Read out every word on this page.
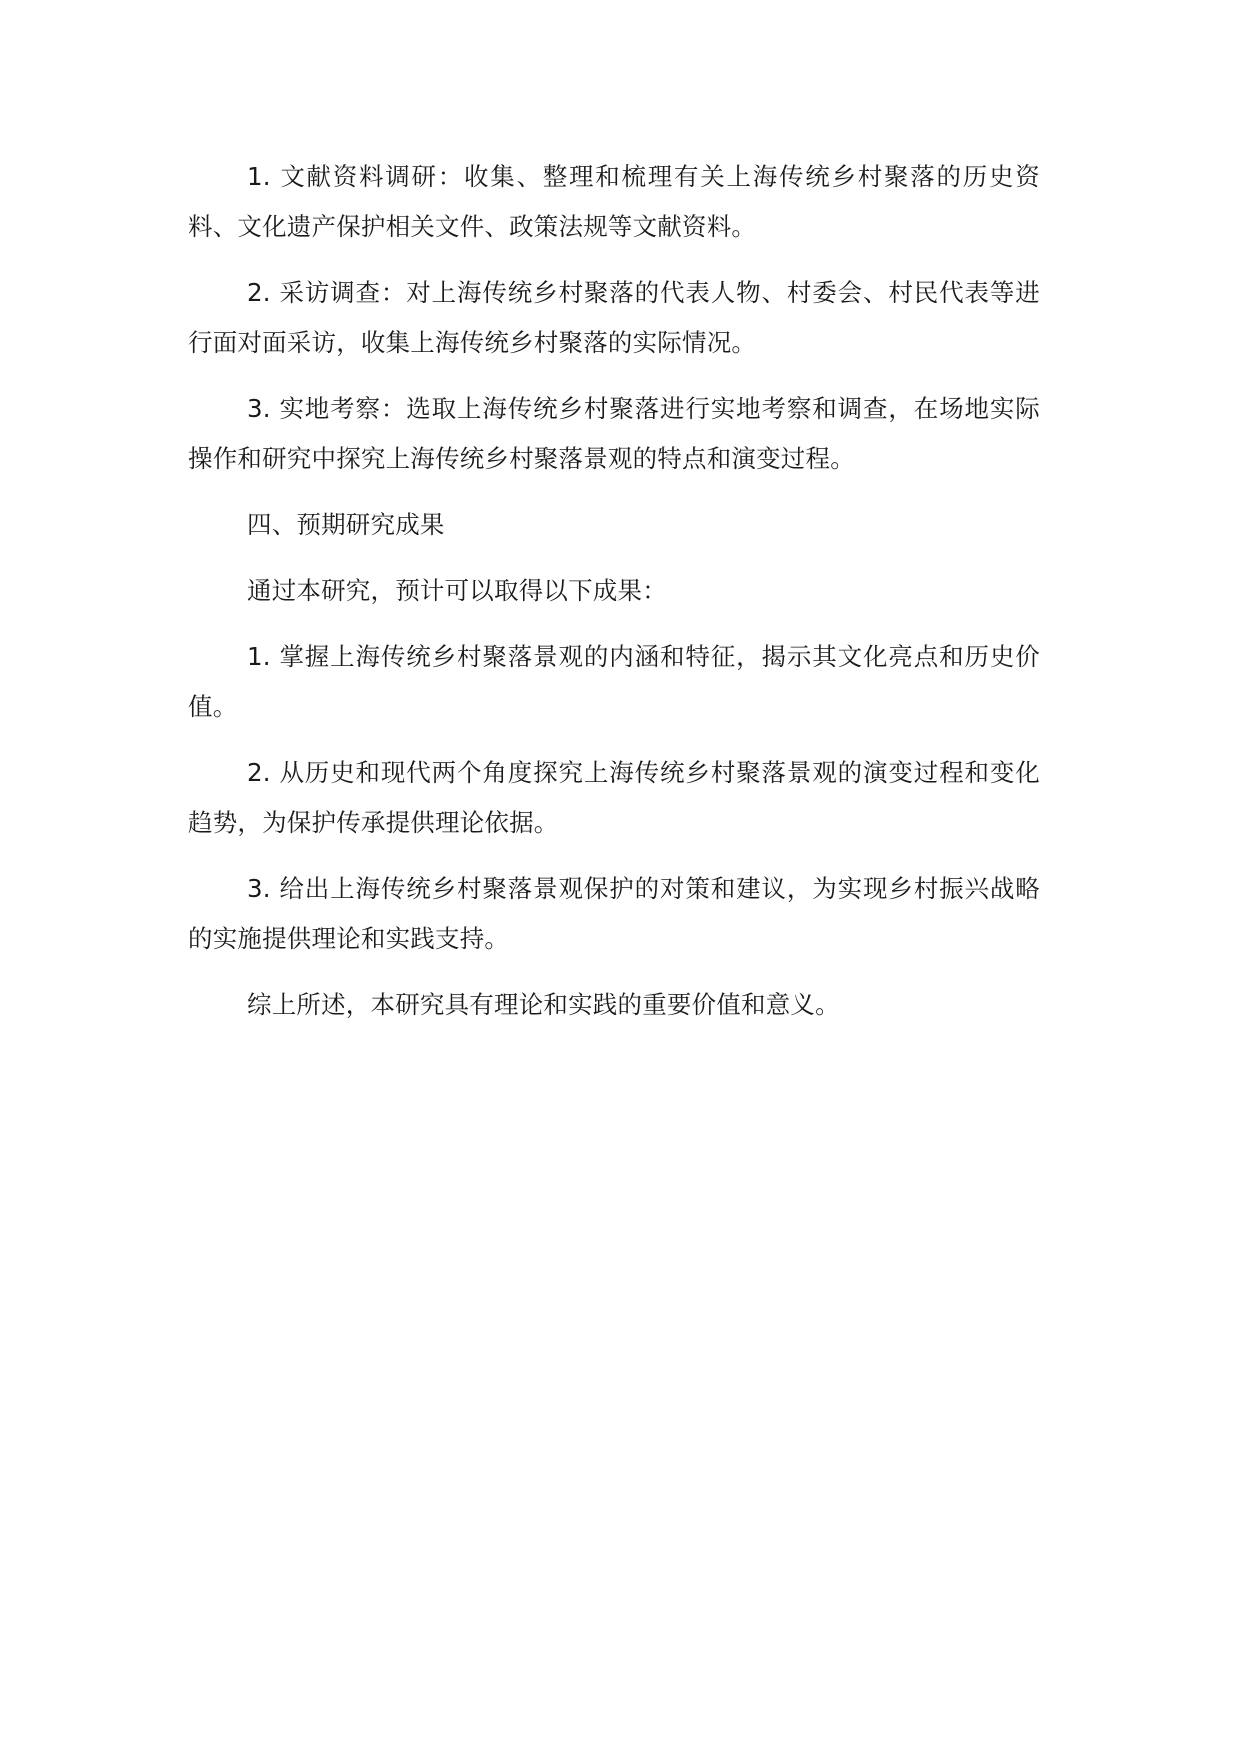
1. 文献资料调研：收集、整理和梳理有关上海传统乡村聚落的历史资料、文化遗产保护相关文件、政策法规等文献资料。

2. 采访调查：对上海传统乡村聚落的代表人物、村委会、村民代表等进行面对面采访，收集上海传统乡村聚落的实际情况。

3. 实地考察：选取上海传统乡村聚落进行实地考察和调查，在场地实际操作和研究中探究上海传统乡村聚落景观的特点和演变过程。

四、预期研究成果

通过本研究，预计可以取得以下成果：

1. 掌握上海传统乡村聚落景观的内涵和特征，揭示其文化亮点和历史价值。

2. 从历史和现代两个角度探究上海传统乡村聚落景观的演变过程和变化趋势，为保护传承提供理论依据。

3. 给出上海传统乡村聚落景观保护的对策和建议，为实现乡村振兴战略的实施提供理论和实践支持。

综上所述，本研究具有理论和实践的重要价值和意义。
